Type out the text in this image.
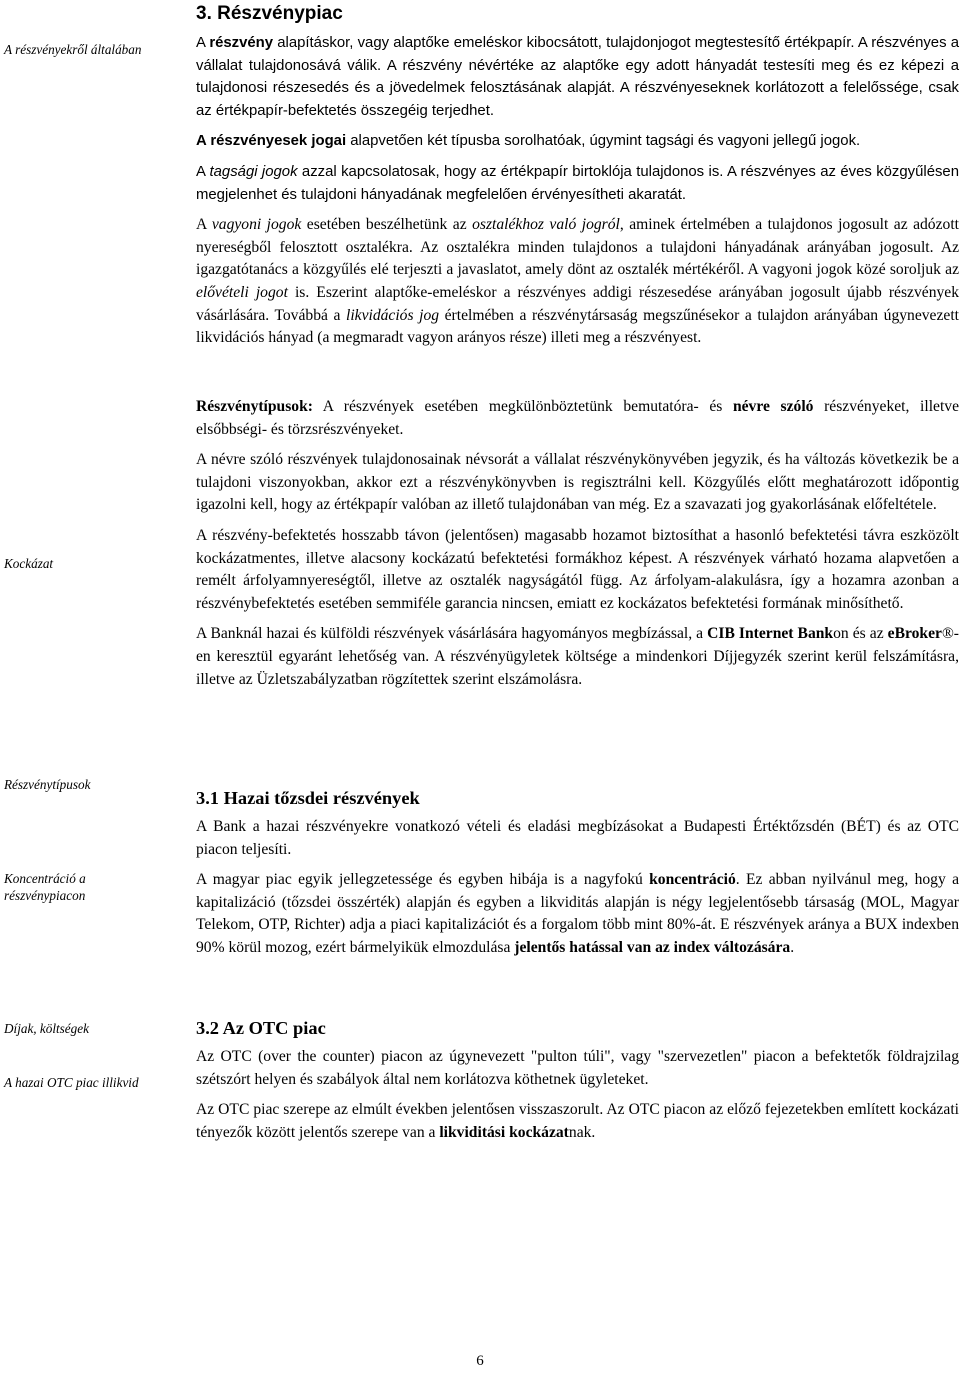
A részvényekről általában
Részvénytípusok
Kockázat
Díjak, költségek
Koncentráció a részvénypiacon
A hazai OTC piac illikvid
3. Részvénypiac

A részvény alapításkor, vagy alaptőke emeléskor kibocsátott, tulajdonjogot megtestesítő értékpapír. A részvényes a vállalat tulajdonosává válik. A részvény névértéke az alaptőke egy adott hányadát testesíti meg és ez képezi a tulajdonosi részesedés és a jövedelmek felosztásának alapját. A részvényeseknek korlátozott a felelőssége, csak az értékpapír-befektetés összegéig terjedhet.

A részvényesek jogai alapvetően két típusba sorolhatóak, úgymint tagsági és vagyoni jellegű jogok.

A tagsági jogok azzal kapcsolatosak, hogy az értékpapír birtoklója tulajdonos is. A részvényes az éves közgyűlésen megjelenhet és tulajdoni hányadának megfelelően érvényesítheti akaratát.

A vagyoni jogok esetében beszélhetünk az osztalékhoz való jogról, aminek értelmében a tulajdonos jogosult az adózott nyereségből felosztott osztalékra. Az osztalékra minden tulajdonos a tulajdoni hányadának arányában jogosult. Az igazgatótanács a közgyűlés elé terjeszti a javaslatot, amely dönt az osztalék mértékéről. A vagyoni jogok közé soroljuk az elővételi jogot is. Eszerint alaptőke-emeléskor a részvényes addigi részesedése arányában jogosult újabb részvények vásárlására. Továbbá a likvidációs jog értelmében a részvénytársaság megszűnésekor a tulajdon arányában úgynevezett likvidációs hányad (a megmaradt vagyon arányos része) illeti meg a részvényest.

Részvénytípusok: A részvények esetében megkülönböztetünk bemutatóra- és névre szóló részvényeket, illetve elsőbbségi- és törzsrészvényeket.

A névre szóló részvények tulajdonosainak névsorát a vállalat részvénykönyvében jegyzik, és ha változás következik be a tulajdoni viszonyokban, akkor ezt a részvénykönyvben is regisztrálni kell. Közgyűlés előtt meghatározott időpontig igazolni kell, hogy az értékpapír valóban az illető tulajdonában van még. Ez a szavazati jog gyakorlásának előfeltétele.

A részvény-befektetés hosszabb távon (jelentősen) magasabb hozamot biztosíthat a hasonló befektetési távra eszközölt kockázatmentes, illetve alacsony kockázatú befektetési formákhoz képest. A részvények várható hozama alapvetően a remélt árfolyamnyereségtől, illetve az osztalék nagyságától függ. Az árfolyam-alakulásra, így a hozamra azonban a részvénybefektetés esetében semmiféle garancia nincsen, emiatt ez kockázatos befektetési formának minősíthető.

A Banknál hazai és külföldi részvények vásárlására hagyományos megbízással, a CIB Internet Bankon és az eBroker®-en keresztül egyaránt lehetőség van. A részvényügyletek költsége a mindenkori Díjjegyzék szerint kerül felszámításra, illetve az Üzletszabályzatban rögzítettek szerint elszámolásra.

3.1 Hazai tőzsdei részvények

A Bank a hazai részvényekre vonatkozó vételi és eladási megbízásokat a Budapesti Értéktőzsdén (BÉT) és az OTC piacon teljesíti.

A magyar piac egyik jellegzetessége és egyben hibája is a nagyfokú koncentráció. Ez abban nyilvánul meg, hogy a kapitalizáció (tőzsdei összérték) alapján és egyben a likviditás alapján is négy legjelentősebb társaság (MOL, Magyar Telekom, OTP, Richter) adja a piaci kapitalizációt és a forgalom több mint 80%-át. E részvények aránya a BUX indexben 90% körül mozog, ezért bármelyikük elmozdulása jelentős hatással van az index változására.

3.2 Az OTC piac

Az OTC (over the counter) piacon az úgynevezett "pulton túli", vagy "szervezetlen" piacon a befektetők földrajzilag szétszórt helyen és szabályok által nem korlátozva köthetnek ügyleteket.

Az OTC piac szerepe az elmúlt években jelentősen visszaszorult. Az OTC piacon az előző fejezetekben említett kockázati tényezők között jelentős szerepe van a likviditási kockázatnak.

6
